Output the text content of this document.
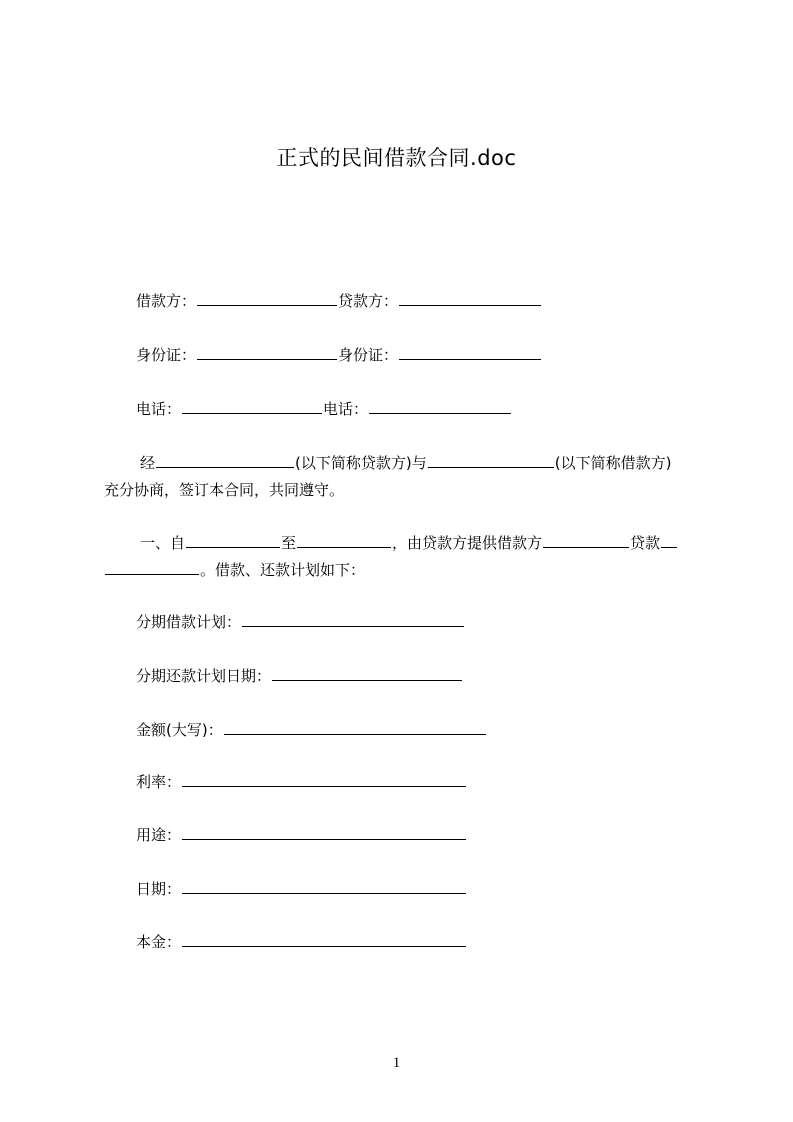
正式的民间借款合同.doc
借款方：	贷款方：
身份证：	身份证：
电话：	电话：
经	(以下简称贷款方)与	(以下简称借款方)
充分协商，签订本合同，共同遵守。
一、自	至	，由贷款方提供借款方	贷款
。借款、还款计划如下：
分期借款计划：
分期还款计划日期：
金额(大写)：
利率：
用途：
日期：
本金：
1
